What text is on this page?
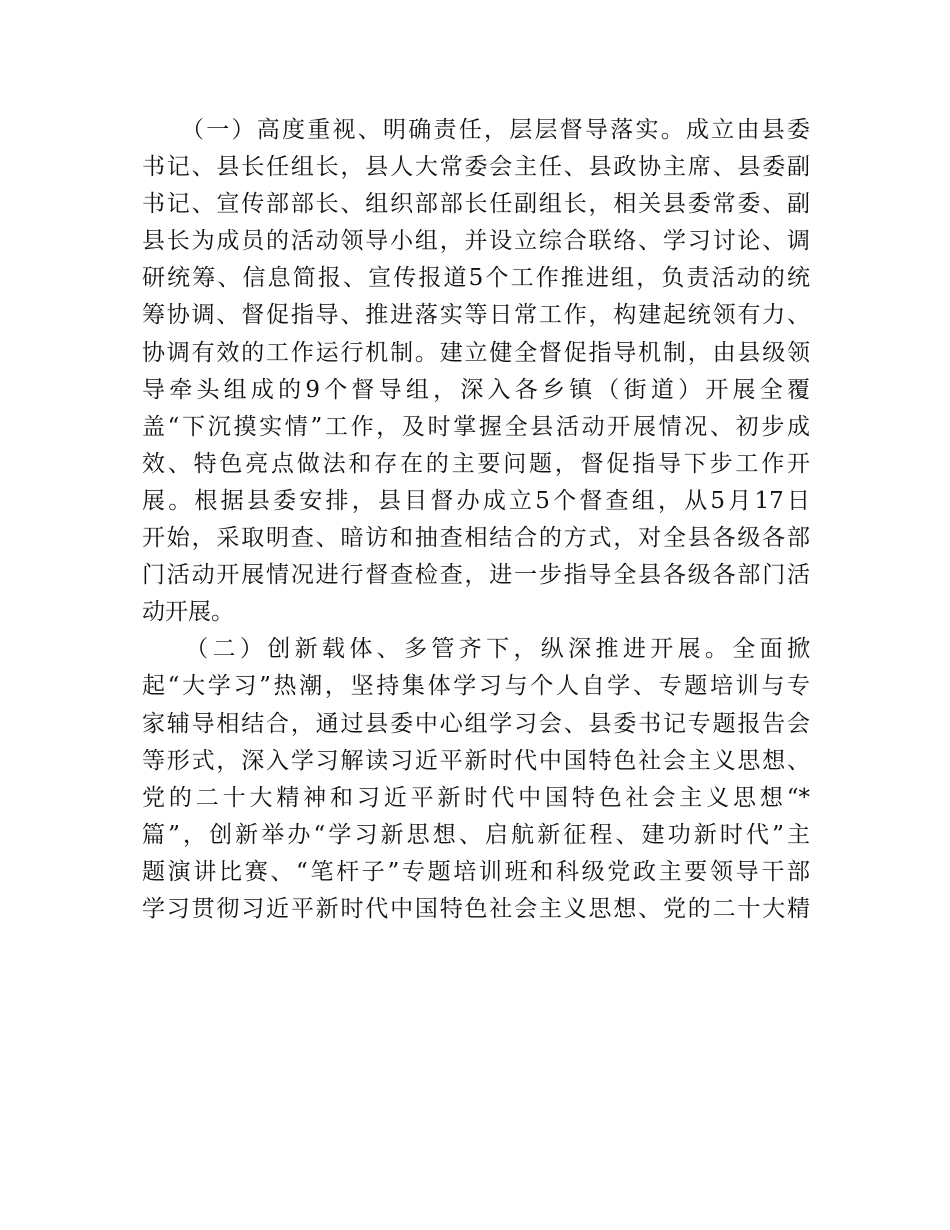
　　（一）高度重视、明确责任，层层督导落实。成立由县委
书记、县长任组长，县人大常委会主任、县政协主席、县委副
书记、宣传部部长、组织部部长任副组长，相关县委常委、副
县长为成员的活动领导小组，并设立综合联络、学习讨论、调
研统筹、信息简报、宣传报道5个工作推进组，负责活动的统
筹协调、督促指导、推进落实等日常工作，构建起统领有力、
协调有效的工作运行机制。建立健全督促指导机制，由县级领
导牵头组成的9个督导组，深入各乡镇（街道）开展全覆
盖“下沉摸实情”工作，及时掌握全县活动开展情况、初步成
效、特色亮点做法和存在的主要问题，督促指导下步工作开
展。根据县委安排，县目督办成立5个督查组，从5月17日
开始，采取明查、暗访和抽查相结合的方式，对全县各级各部
门活动开展情况进行督查检查，进一步指导全县各级各部门活
动开展。
　　（二）创新载体、多管齐下，纵深推进开展。全面掀
起“大学习”热潮，坚持集体学习与个人自学、专题培训与专
家辅导相结合，通过县委中心组学习会、县委书记专题报告会
等形式，深入学习解读习近平新时代中国特色社会主义思想、
党的二十大精神和习近平新时代中国特色社会主义思想“*
篇”，创新举办“学习新思想、启航新征程、建功新时代”主
题演讲比赛、“笔杆子”专题培训班和科级党政主要领导干部
学习贯彻习近平新时代中国特色社会主义思想、党的二十大精
